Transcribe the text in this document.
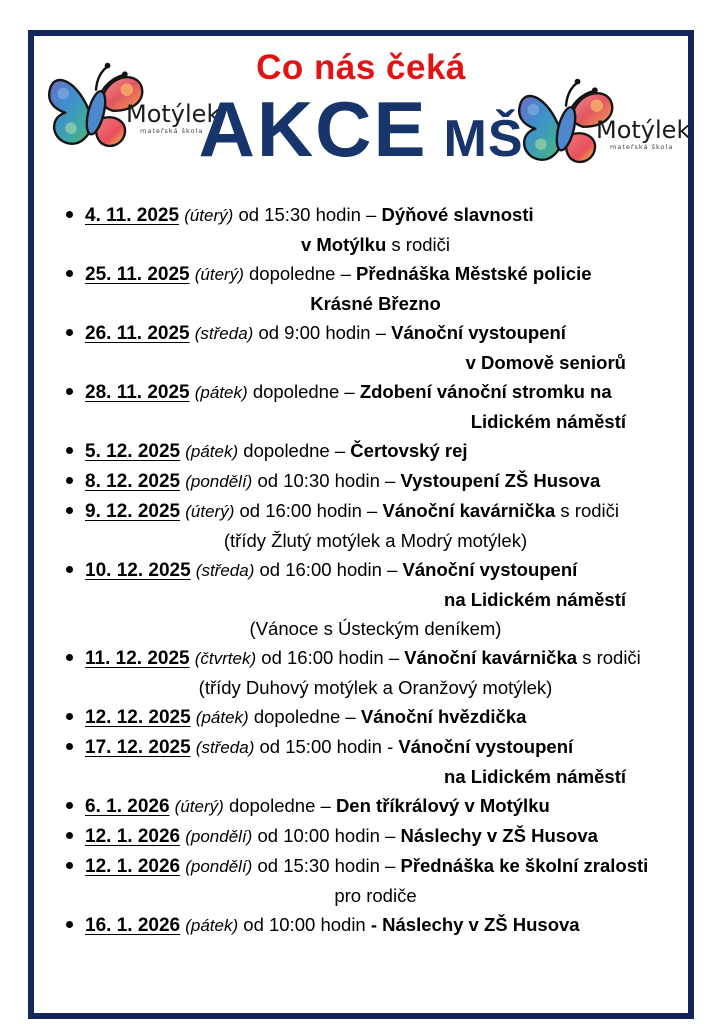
Motýlek
mateřská škola	Motýlek
mateřská škola
Co nás čeká
AKCE MŠ
4. 11. 2025 (úterý) od 15:30 hodin – Dýňové slavnosti
v Motýlku s rodiči
25. 11. 2025 (úterý) dopoledne – Přednáška Městské policie
Krásné Březno
26. 11. 2025 (středa) od 9:00 hodin – Vánoční vystoupení
v Domově seniorů
28. 11. 2025 (pátek) dopoledne – Zdobení vánoční stromku na
Lidickém náměstí
5. 12. 2025 (pátek) dopoledne – Čertovský rej
8. 12. 2025 (pondělí) od 10:30 hodin – Vystoupení ZŠ Husova
9. 12. 2025 (úterý) od 16:00 hodin – Vánoční kavárnička s rodiči
(třídy Žlutý motýlek a Modrý motýlek)
10. 12. 2025 (středa) od 16:00 hodin – Vánoční vystoupení
na Lidickém náměstí
(Vánoce s Ústeckým deníkem)
11. 12. 2025 (čtvrtek) od 16:00 hodin – Vánoční kavárnička s rodiči
(třídy Duhový motýlek a Oranžový motýlek)
12. 12. 2025 (pátek) dopoledne – Vánoční hvězdička
17. 12. 2025 (středa) od 15:00 hodin - Vánoční vystoupení
na Lidickém náměstí
6. 1. 2026 (úterý) dopoledne – Den tříkrálový v Motýlku
12. 1. 2026 (pondělí) od 10:00 hodin – Náslechy v ZŠ Husova
12. 1. 2026 (pondělí) od 15:30 hodin – Přednáška ke školní zralosti
pro rodiče
16. 1. 2026 (pátek) od 10:00 hodin - Náslechy v ZŠ Husova
